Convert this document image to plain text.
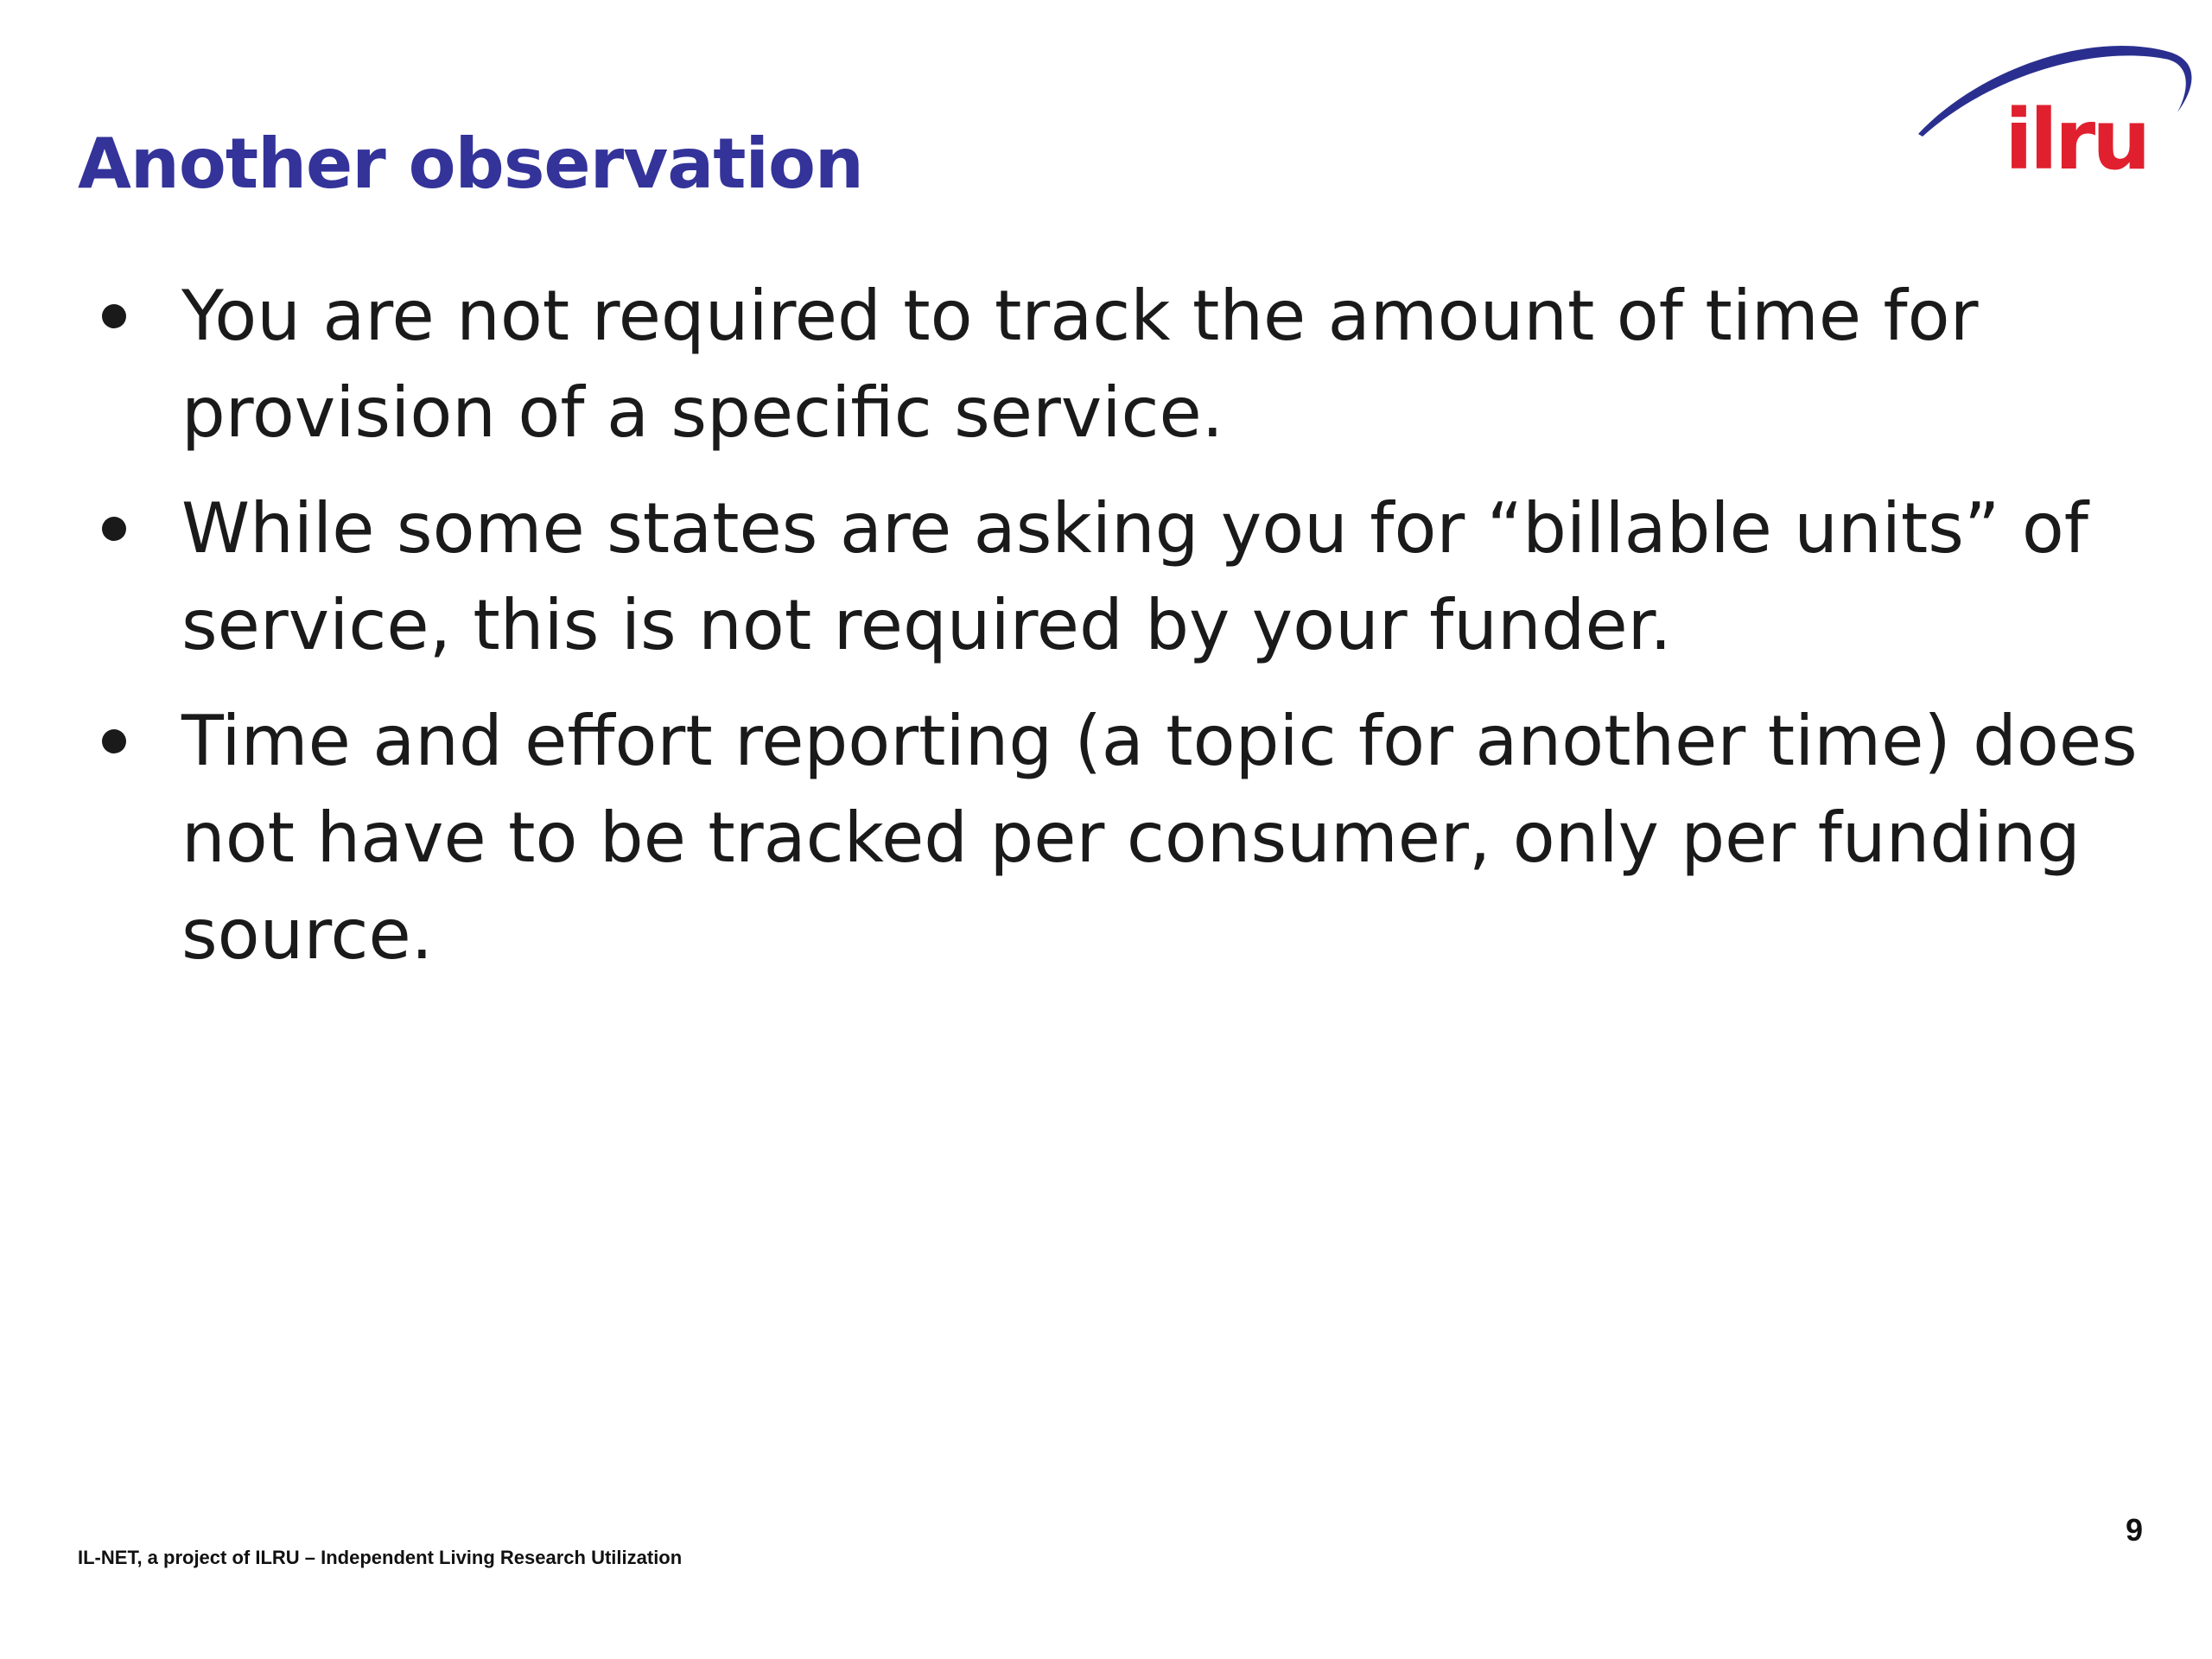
Another observation	ilru
You are not required to track the amount of time for provision of a specific service.
While some states are asking you for “billable units” of service, this is not required by your funder.
Time and effort reporting (a topic for another time) does not have to be tracked per consumer, only per funding source.
9
IL-NET, a project of ILRU – Independent Living Research Utilization
